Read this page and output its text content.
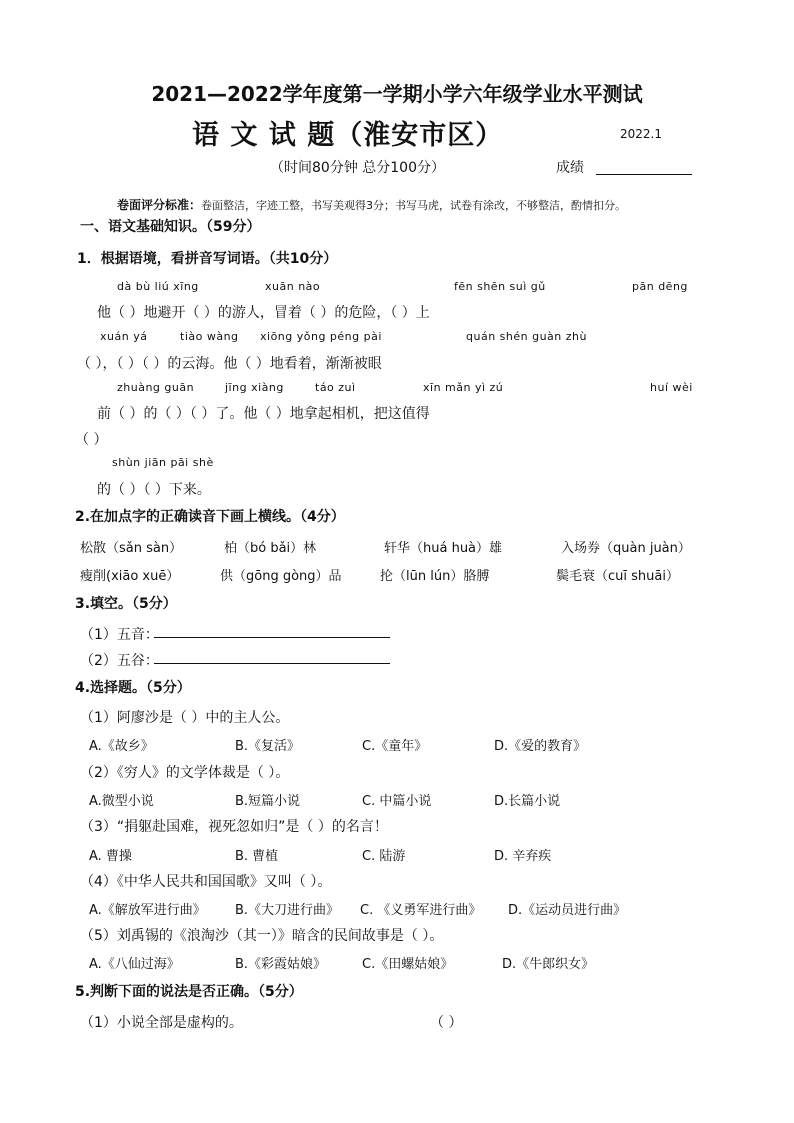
2021—2022学年度第一学期小学六年级学业水平测试
语 文 试 题（淮安市区）	2022.1
（时间80分钟 总分100分）	成绩
卷面评分标准：卷面整洁，字迹工整，书写美观得3分；书写马虎，试卷有涂改，不够整洁，酌情扣分。
一、语文基础知识。（59分）
1．根据语境，看拼音写词语。（共10分）
dà bù liú xīng	xuān nào	fēn shēn suì gǔ	pān dēng
他（ ）地避开（ ）的游人，冒着（ ）的危险，（ ）上
xuán yá	tiào wàng xiōng yǒng péng pài	quán shén guàn zhù
（ ），（ ）（ ）的云海。他（ ）地看着，渐渐被眼
zhuàng guān	jīng xiàng	táo zuì	xīn mǎn yì zú	huí wèi
前（ ）的（ ）（ ）了。他（ ）地拿起相机，把这值得
（ ）
shùn jiān pāi shè
的（ ）（ ）下来。
2.在加点字的正确读音下画上横线。（4分）
松散（sǎn sàn）	柏（bó bǎi）林	轩华（huá huà）雄	入场券（quàn juàn）
瘦削(xiāo xuē）	供（gōng gòng）品	抡（lūn lún）胳膊	鬓毛衰（cuī shuāi）
3.填空。（5分）
（1）五音：
（2）五谷：
4.选择题。（5分）
（1）阿廖沙是（ ）中的主人公。
A.《故乡》	B.《复活》	C.《童年》	D.《爱的教育》
（2）《穷人》的文学体裁是（ ）。
A.微型小说	B.短篇小说	C. 中篇小说	D.长篇小说
（3）“捐躯赴国难，视死忽如归”是（ ）的名言！
A. 曹操	B. 曹植	C. 陆游	D. 辛弃疾
（4）《中华人民共和国国歌》又叫（ ）。
A.《解放军进行曲》 B.《大刀进行曲》 C. 《义勇军进行曲》 D.《运动员进行曲》
（5）刘禹锡的《浪淘沙（其一）》暗含的民间故事是（ ）。
A.《八仙过海》	B.《彩霞姑娘》	C.《田螺姑娘》	D.《牛郎织女》
5.判断下面的说法是否正确。（5分）
（1）小说全部是虚构的。	（ ）
